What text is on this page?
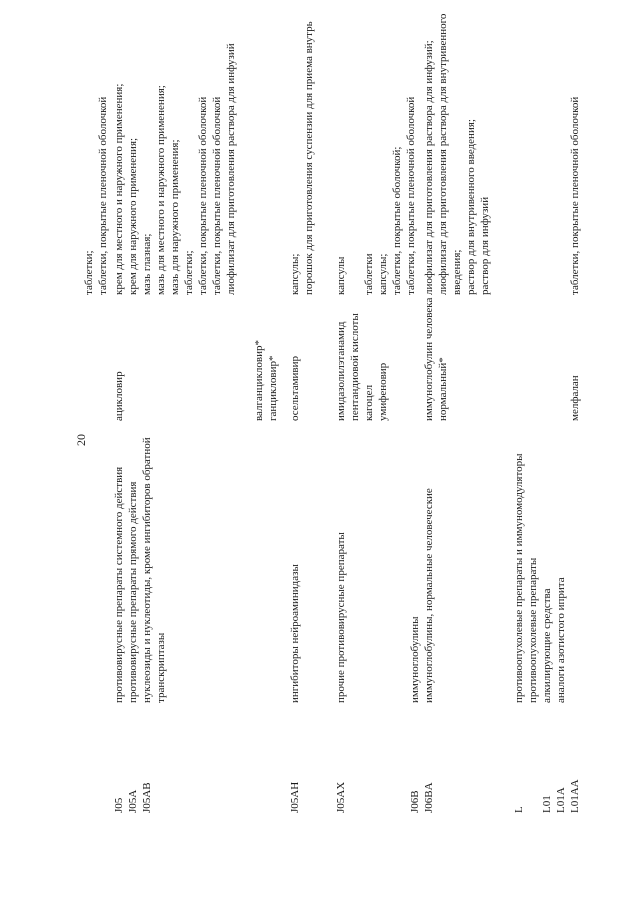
20
таблетки;
таблетки, покрытые пленочной оболочкой
J05
J05A
J05AB
противовирусные препараты системного действия
противовирусные препараты прямого действия
нуклеозиды и нуклеотиды, кроме ингибиторов обратной транскриптазы
ацикловир

валганцикловир*
ганцикловир*
крем для местного и наружного применения;
крем для наружного применения;
мазь глазная;
мазь для местного и наружного применения;
мазь для наружного применения;
таблетки;
таблетки, покрытые пленочной оболочкой
таблетки, покрытые пленочной оболочкой
лиофилизат для приготовления раствора для инфузий
J05AH
ингибиторы нейроаминидазы
осельтамивир
капсулы;
порошок для приготовления суспензии для приема внутрь
J05AX
прочие противовирусные препараты
имидазолилэтанамид пентандиовой кислоты
кагоцел
умифеновир
капсулы

таблетки
капсулы;
таблетки, покрытые оболочкой;
таблетки, покрытые пленочной оболочкой
J06B
J06BA
иммуноглобулины
иммуноглобулины, нормальные человеческие

иммуноглобулин человека нормальный*

лиофилизат для приготовления раствора для инфузий;
лиофилизат для приготовления раствора для внутривенного введения;
раствор для внутривенного введения;
раствор для инфузий
L

L01
L01A
L01AA
противоопухолевые препараты и иммуномодуляторы
противоопухолевые препараты
алкилирующие средства
аналоги азотистого иприта

мелфалан

таблетки, покрытые пленочной оболочкой
